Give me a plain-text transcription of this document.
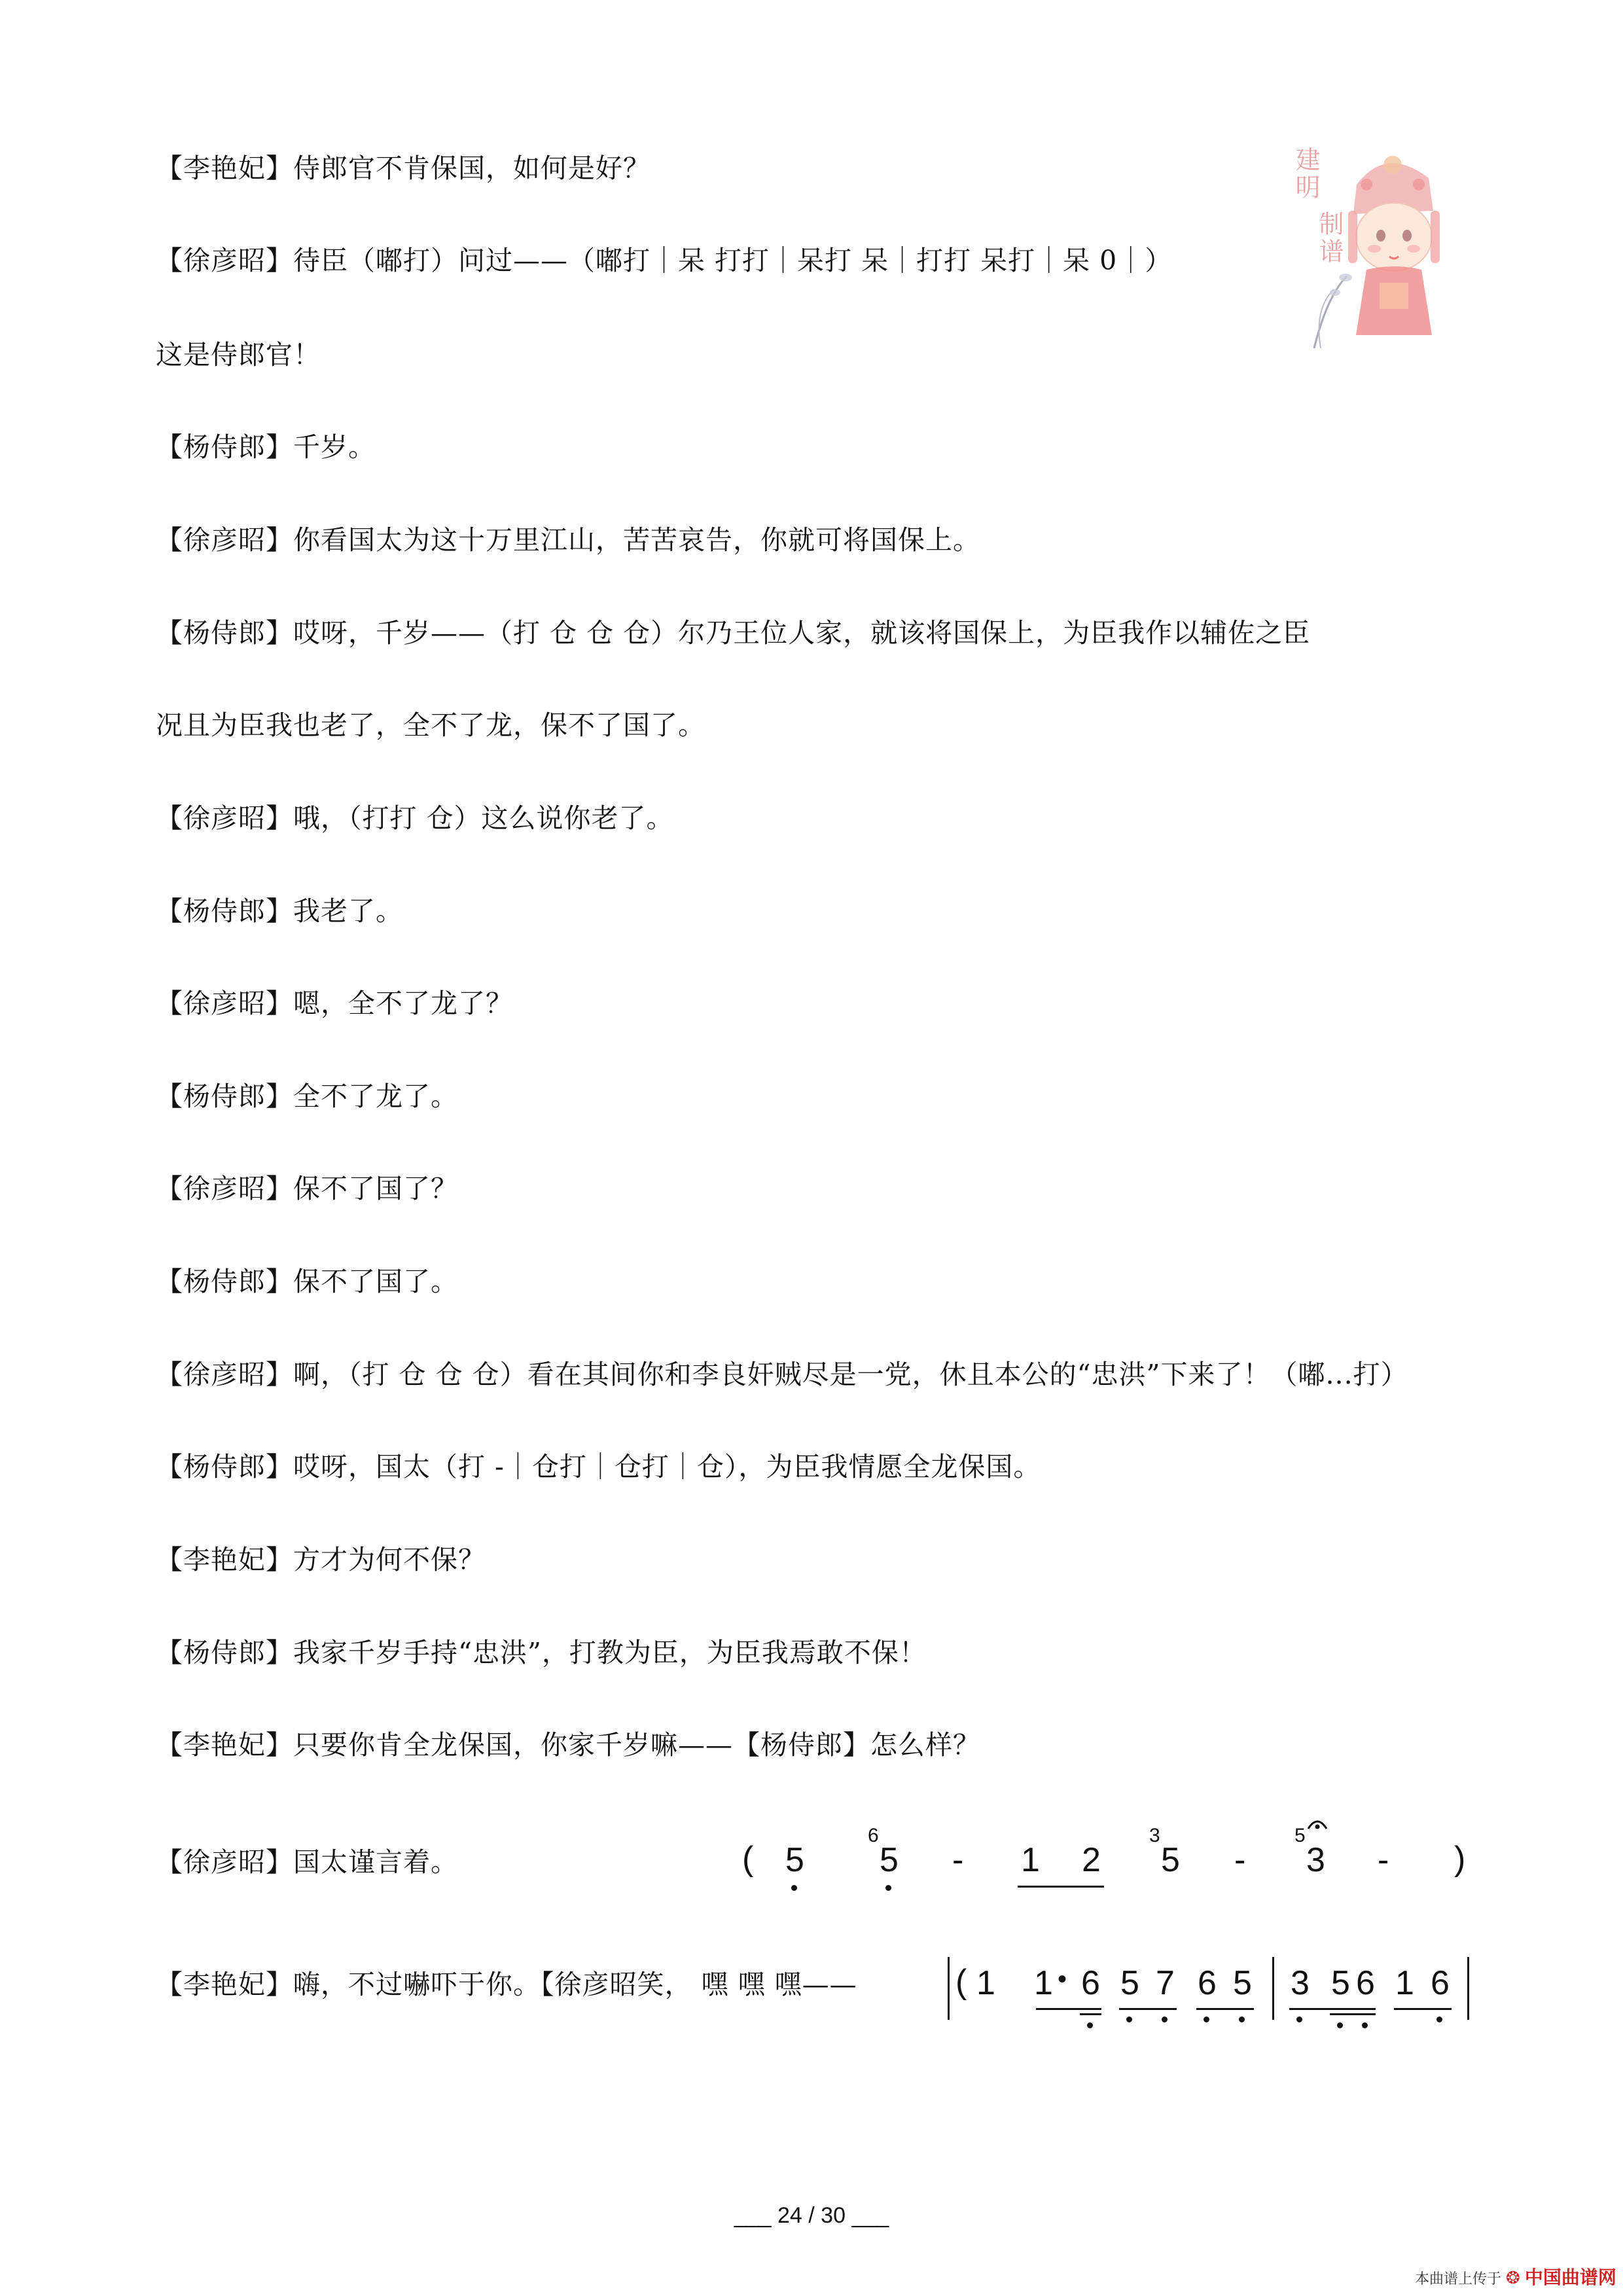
【李艳妃】侍郎官不肯保国，如何是好？
【徐彦昭】待臣（嘟打）问过——（嘟打｜呆 打打｜呆打 呆｜打打 呆打｜呆 0｜）
这是侍郎官！
【杨侍郎】千岁。
【徐彦昭】你看国太为这十万里江山，苦苦哀告，你就可将国保上。
【杨侍郎】哎呀，千岁——（打 仓 仓 仓）尔乃王位人家，就该将国保上，为臣我作以辅佐之臣
况且为臣我也老了，全不了龙，保不了国了。
【徐彦昭】哦，（打打 仓）这么说你老了。
【杨侍郎】我老了。
【徐彦昭】嗯，全不了龙了？
【杨侍郎】全不了龙了。
【徐彦昭】保不了国了？
【杨侍郎】保不了国了。
【徐彦昭】啊，（打 仓 仓 仓）看在其间你和李良奸贼尽是一党，休且本公的“忠洪”下来了！（嘟...打）
【杨侍郎】哎呀，国太（打 -｜仓打｜仓打｜仓），为臣我情愿全龙保国。
【李艳妃】方才为何不保？
【杨侍郎】我家千岁手持“忠洪”，打教为臣，为臣我焉敢不保！
【李艳妃】只要你肯全龙保国，你家千岁嘛——【杨侍郎】怎么样？
【徐彦昭】国太谨言着。
【李艳妃】嗨，不过嚇吓于你。【徐彦昭笑， 嘿 嘿 嘿——
建明
制谱
( 5
6
5 - 1 2
3
5 -
5
3 - )
( 1 1 • 6 5 7 6 5 3 5 6 1 6
___ 24 / 30 ___
本曲谱上传于 ❂ 中国曲谱网
